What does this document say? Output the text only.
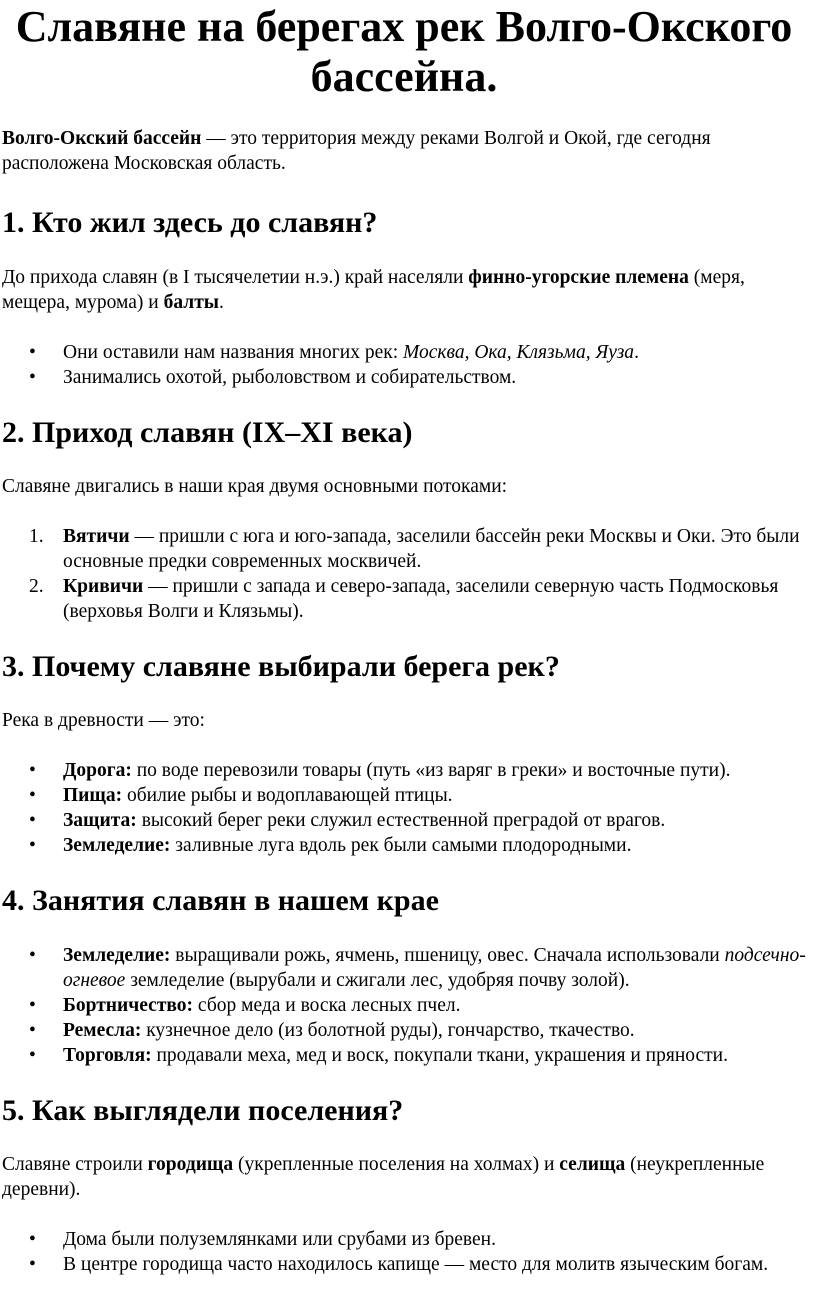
Славяне на берегах рек Волго-Окского бассейна.

Волго-Окский бассейн — это территория между реками Волгой и Окой, где сегодня расположена Московская область.

1. Кто жил здесь до славян?

До прихода славян (в I тысячелетии н.э.) край населяли финно-угорские племена (меря, мещера, мурома) и балты.

• Они оставили нам названия многих рек: Москва, Ока, Клязьма, Яуза.
• Занимались охотой, рыболовством и собирательством.
2. Приход славян (IX–XI века)

Славяне двигались в наши края двумя основными потоками:

1. Вятичи — пришли с юга и юго-запада, заселили бассейн реки Москвы и Оки. Это были основные предки современных москвичей.
2. Кривичи — пришли с запада и северо-запада, заселили северную часть Подмосковья (верховья Волги и Клязьмы).
3. Почему славяне выбирали берега рек?

Река в древности — это:

• Дорога: по воде перевозили товары (путь «из варяг в греки» и восточные пути).
• Пища: обилие рыбы и водоплавающей птицы.
• Защита: высокий берег реки служил естественной преградой от врагов.
• Земледелие: заливные луга вдоль рек были самыми плодородными.
4. Занятия славян в нашем крае
• Земледелие: выращивали рожь, ячмень, пшеницу, овес. Сначала использовали подсечно-огневое земледелие (вырубали и сжигали лес, удобряя почву золой).
• Бортничество: сбор меда и воска лесных пчел.
• Ремесла: кузнечное дело (из болотной руды), гончарство, ткачество.
• Торговля: продавали меха, мед и воск, покупали ткани, украшения и пряности.
5. Как выглядели поселения?

Славяне строили городища (укрепленные поселения на холмах) и селища (неукрепленные деревни).

• Дома были полуземлянками или срубами из бревен.
• В центре городища часто находилось капище — место для молитв языческим богам.
